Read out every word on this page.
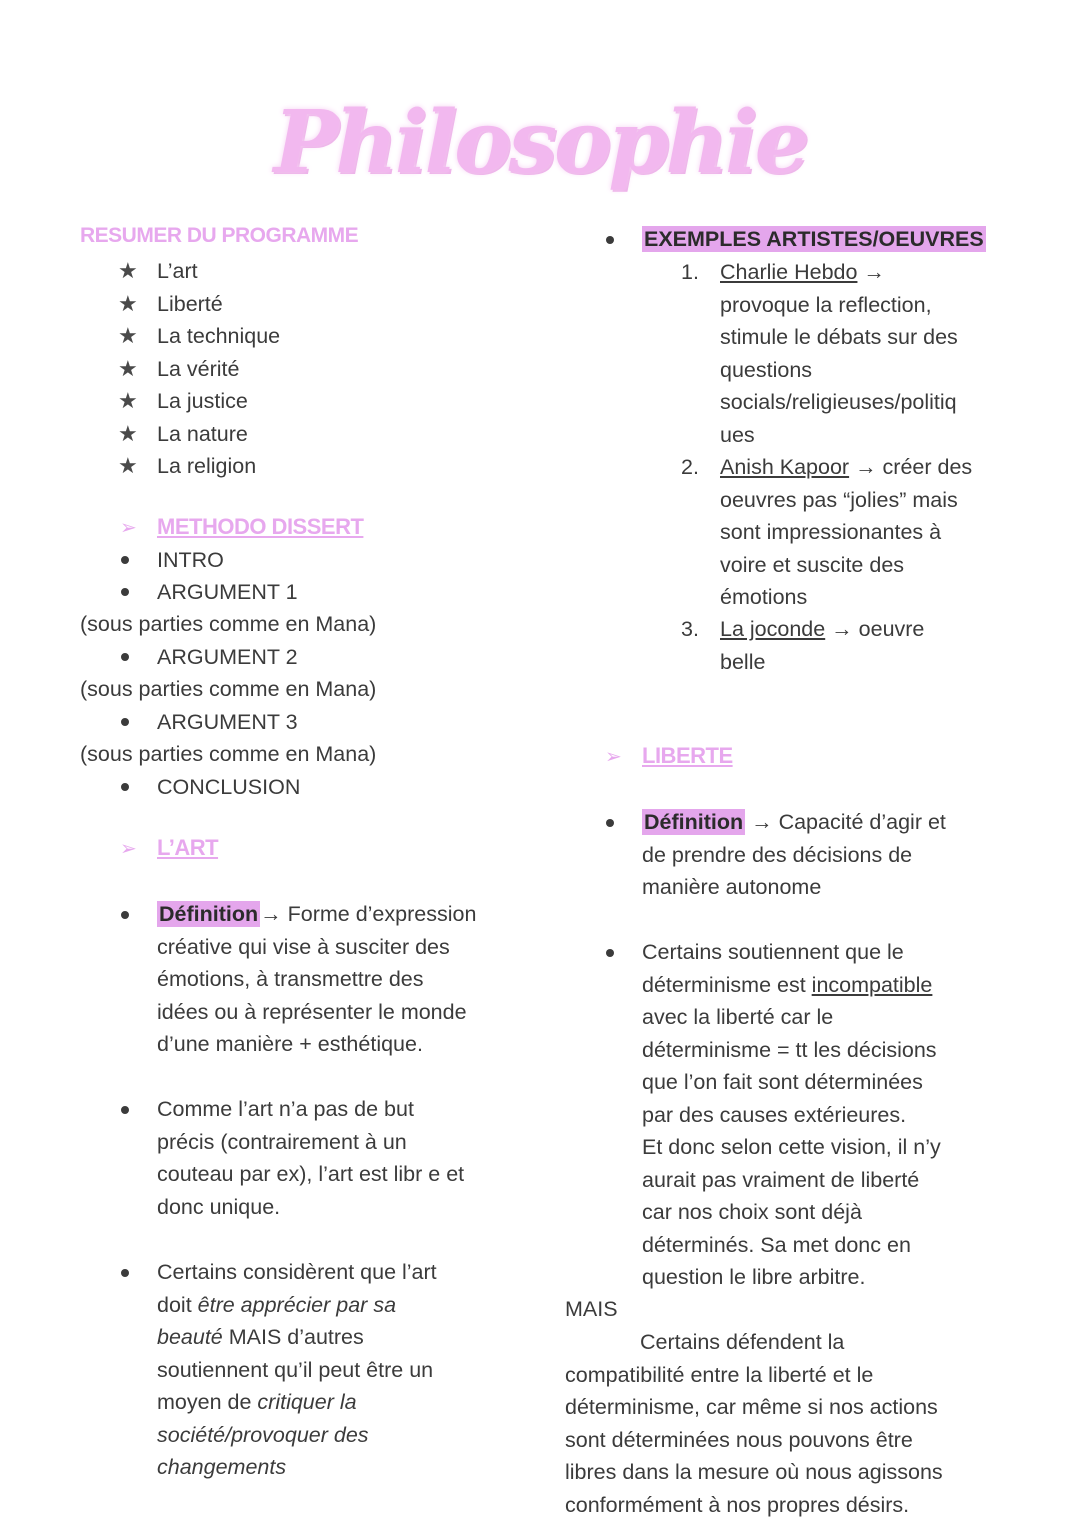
Philosophie
RESUMER DU PROGRAMME
★ L’art
★ Liberté
★ La technique
★ La vérité
★ La justice
★ La nature
★ La religion
➢ METHODO DISSERT
INTRO
ARGUMENT 1
(sous parties comme en Mana)
ARGUMENT 2
(sous parties comme en Mana)
ARGUMENT 3
(sous parties comme en Mana)
CONCLUSION
➢ L’ART
Définition→ Forme d’expression
créative qui vise à susciter des
émotions, à transmettre des
idées ou à représenter le monde
d’une manière + esthétique.
Comme l’art n’a pas de but
précis (contrairement à un
couteau par ex), l’art est libr e et
donc unique.
Certains considèrent que l’art
doit être apprécier par sa
beauté MAIS d’autres
soutiennent qu’il peut être un
moyen de critiquer la
société/provoquer des
changements
EXEMPLES ARTISTES/OEUVRES
1. Charlie Hebdo →
provoque la reflection,
stimule le débats sur des
questions
socials/religieuses/politiq
ues
2. Anish Kapoor → créer des
oeuvres pas “jolies” mais
sont impressionantes à
voire et suscite des
émotions
3. La joconde → oeuvre
belle
➢ LIBERTE
Définition → Capacité d’agir et
de prendre des décisions de
manière autonome
Certains soutiennent que le
déterminisme est incompatible
avec la liberté car le
déterminisme = tt les décisions
que l’on fait sont déterminées
par des causes extérieures.
Et donc selon cette vision, il n’y
aurait pas vraiment de liberté
car nos choix sont déjà
déterminés. Sa met donc en
question le libre arbitre.
MAIS
Certains défendent la
compatibilité entre la liberté et le
déterminisme, car même si nos actions
sont déterminées nous pouvons être
libres dans la mesure où nous agissons
conformément à nos propres désirs.
